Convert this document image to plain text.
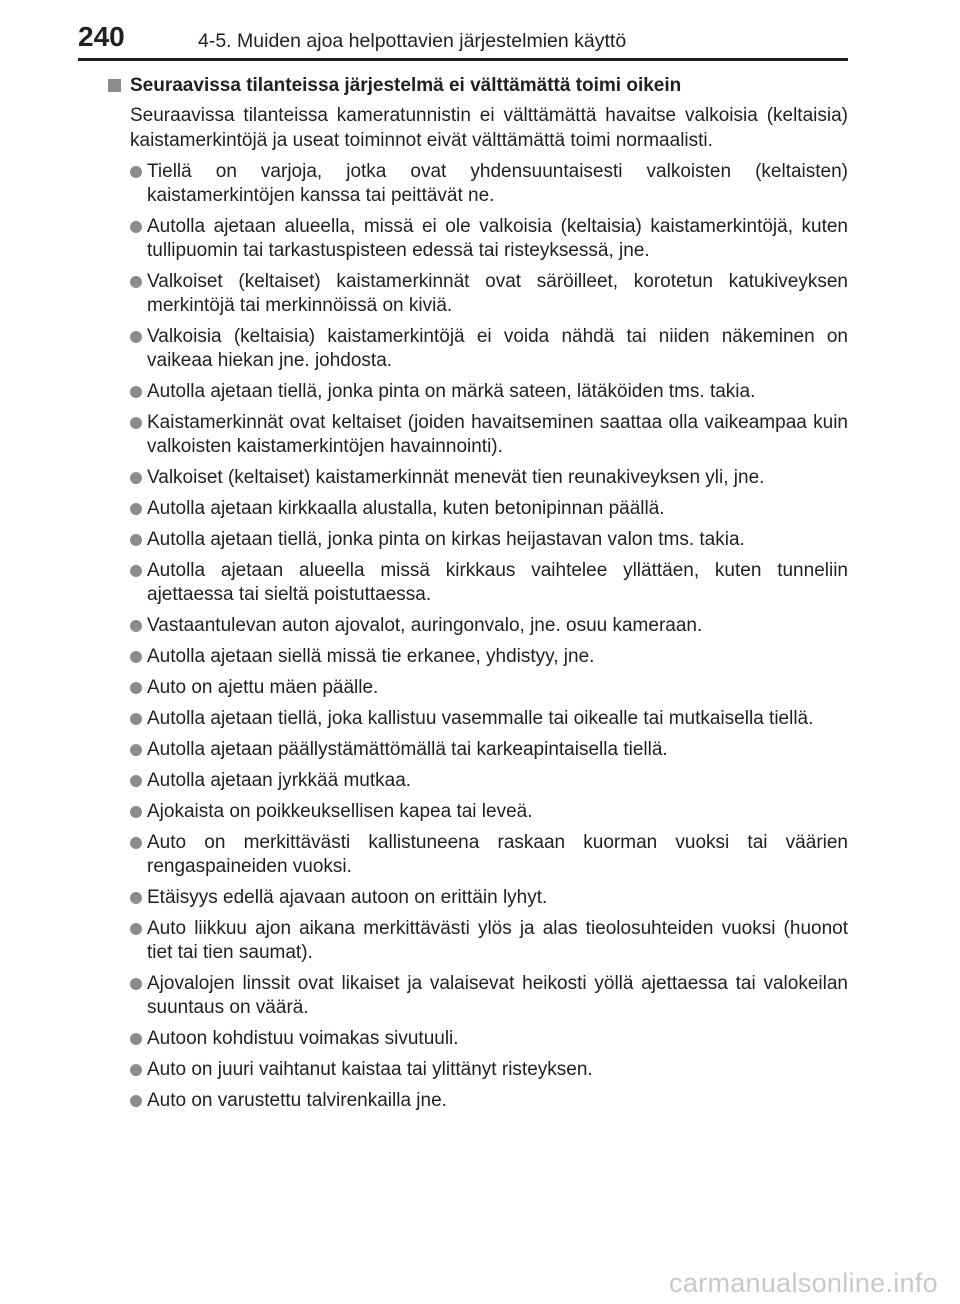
240	4-5. Muiden ajoa helpottavien järjestelmien käyttö
Seuraavissa tilanteissa järjestelmä ei välttämättä toimi oikein
Seuraavissa tilanteissa kameratunnistin ei välttämättä havaitse valkoisia (keltaisia) kaistamerkintöjä ja useat toiminnot eivät välttämättä toimi normaalisti.
Tiellä on varjoja, jotka ovat yhdensuuntaisesti valkoisten (keltaisten) kaistamerkintöjen kanssa tai peittävät ne.
Autolla ajetaan alueella, missä ei ole valkoisia (keltaisia) kaistamerkintöjä, kuten tullipuomin tai tarkastuspisteen edessä tai risteyksessä, jne.
Valkoiset (keltaiset) kaistamerkinnät ovat säröilleet, korotetun katukiveyksen merkintöjä tai merkinnöissä on kiviä.
Valkoisia (keltaisia) kaistamerkintöjä ei voida nähdä tai niiden näkeminen on vaikeaa hiekan jne. johdosta.
Autolla ajetaan tiellä, jonka pinta on märkä sateen, lätäköiden tms. takia.
Kaistamerkinnät ovat keltaiset (joiden havaitseminen saattaa olla vaikeampaa kuin valkoisten kaistamerkintöjen havainnointi).
Valkoiset (keltaiset) kaistamerkinnät menevät tien reunakiveyksen yli, jne.
Autolla ajetaan kirkkaalla alustalla, kuten betonipinnan päällä.
Autolla ajetaan tiellä, jonka pinta on kirkas heijastavan valon tms. takia.
Autolla ajetaan alueella missä kirkkaus vaihtelee yllättäen, kuten tunneliin ajettaessa tai sieltä poistuttaessa.
Vastaantulevan auton ajovalot, auringonvalo, jne. osuu kameraan.
Autolla ajetaan siellä missä tie erkanee, yhdistyy, jne.
Auto on ajettu mäen päälle.
Autolla ajetaan tiellä, joka kallistuu vasemmalle tai oikealle tai mutkaisella tiellä.
Autolla ajetaan päällystämättömällä tai karkeapintaisella tiellä.
Autolla ajetaan jyrkkää mutkaa.
Ajokaista on poikkeuksellisen kapea tai leveä.
Auto on merkittävästi kallistuneena raskaan kuorman vuoksi tai väärien rengaspaineiden vuoksi.
Etäisyys edellä ajavaan autoon on erittäin lyhyt.
Auto liikkuu ajon aikana merkittävästi ylös ja alas tieolosuhteiden vuoksi (huonot tiet tai tien saumat).
Ajovalojen linssit ovat likaiset ja valaisevat heikosti yöllä ajettaessa tai valokeilan suuntaus on väärä.
Autoon kohdistuu voimakas sivutuuli.
Auto on juuri vaihtanut kaistaa tai ylittänyt risteyksen.
Auto on varustettu talvirenkailla jne.
carmanualsonline.info
